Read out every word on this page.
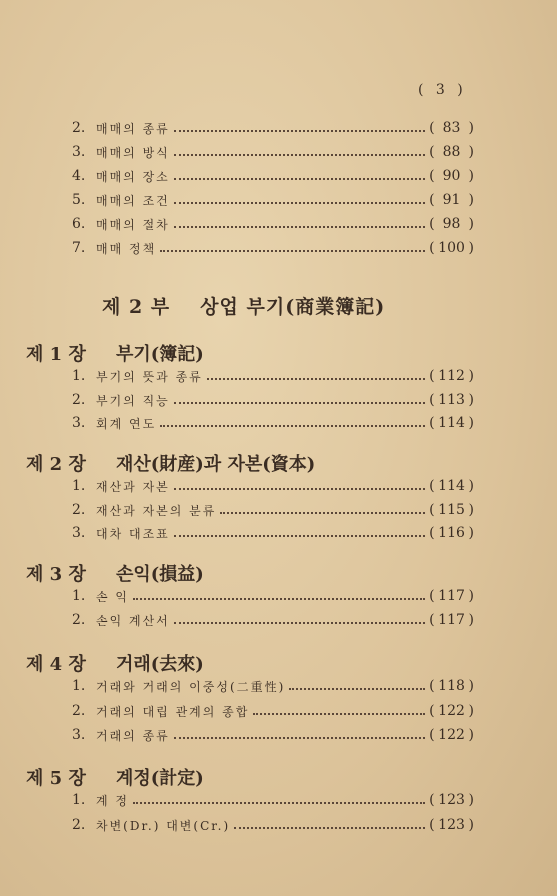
( 3 )
2. 매매의 종류	( 83 )
3. 매매의 방식	( 88 )
4. 매매의 장소	( 90 )
5. 매매의 조건	( 91 )
6. 매매의 절차	( 98 )
7. 매매 정책	( 100 )
제 2 부 상업 부기(商業簿記)
제 1 장	부기(簿記)
1. 부기의 뜻과 종류	( 112 )
2. 부기의 직능	( 113 )
3. 회계 연도	( 114 )
제 2 장	재산(財産)과 자본(資本)
1. 재산과 자본	( 114 )
2. 재산과 자본의 분류	( 115 )
3. 대차 대조표	( 116 )
제 3 장	손익(損益)
1. 손 익	( 117 )
2. 손익 계산서	( 117 )
제 4 장	거래(去來)
1. 거래와 거래의 이중성(二重性)	( 118 )
2. 거래의 대립 관계의 종합	( 122 )
3. 거래의 종류	( 122 )
제 5 장	계정(計定)
1. 계 정	( 123 )
2. 차변(Dr.) 대변(Cr.)	( 123 )
